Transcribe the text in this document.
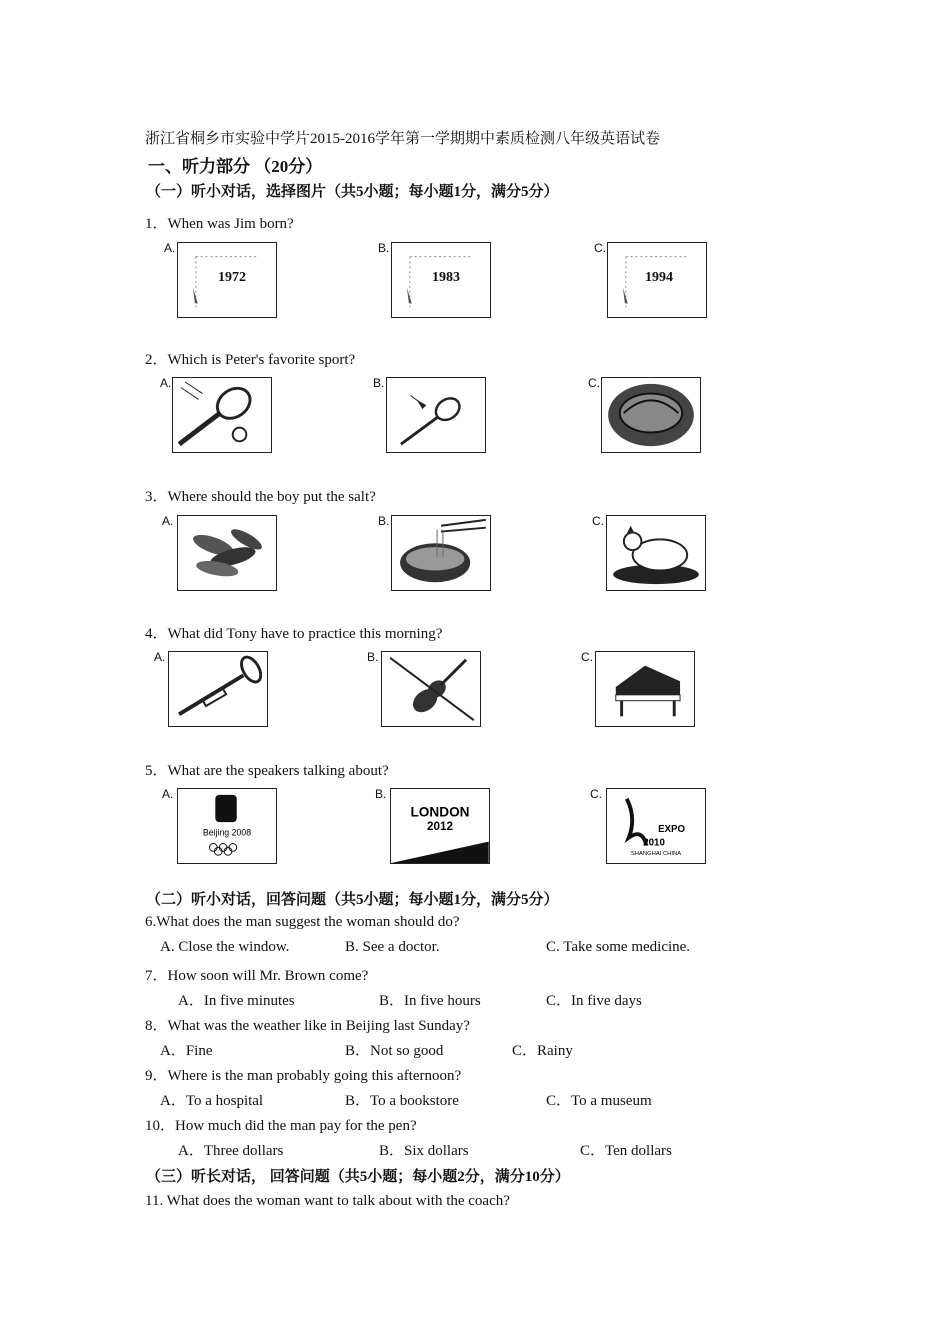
浙江省桐乡市实验中学片2015-2016学年第一学期期中素质检测八年级英语试卷
一、听力部分 （20分）
（一）听小对话，选择图片（共5小题；每小题1分，满分5分）
1．When was Jim born?
A.
1972
B.
1983
C.
1994
2．Which is Peter's favorite sport?
A.	B.	C.
3．Where should the boy put the salt?
A.	B.	C.
4．What did Tony have to practice this morning?
A.	B.	C.
5．What are the speakers talking about?
A.
Beijing 2008
B.
LONDON
2012
C.
EXPO
2010
SHANGHAI CHINA
（二）听小对话，回答问题（共5小题；每小题1分，满分5分）
6.What does the man suggest the woman should do?
A. Close the window.	B. See a doctor.	C. Take some medicine.
7．How soon will Mr. Brown come?
A．In five minutes	B．In five hours	C．In five days
8．What was the weather like in Beijing last Sunday?
A．Fine	B．Not so good	C．Rainy
9．Where is the man probably going this afternoon?
A．To a hospital	B．To a bookstore	C．To a museum
10．How much did the man pay for the pen?
A．Three dollars	B．Six dollars	C．Ten dollars
（三）听长对话， 回答问题（共5小题；每小题2分，满分10分）
11. What does the woman want to talk about with the coach?
